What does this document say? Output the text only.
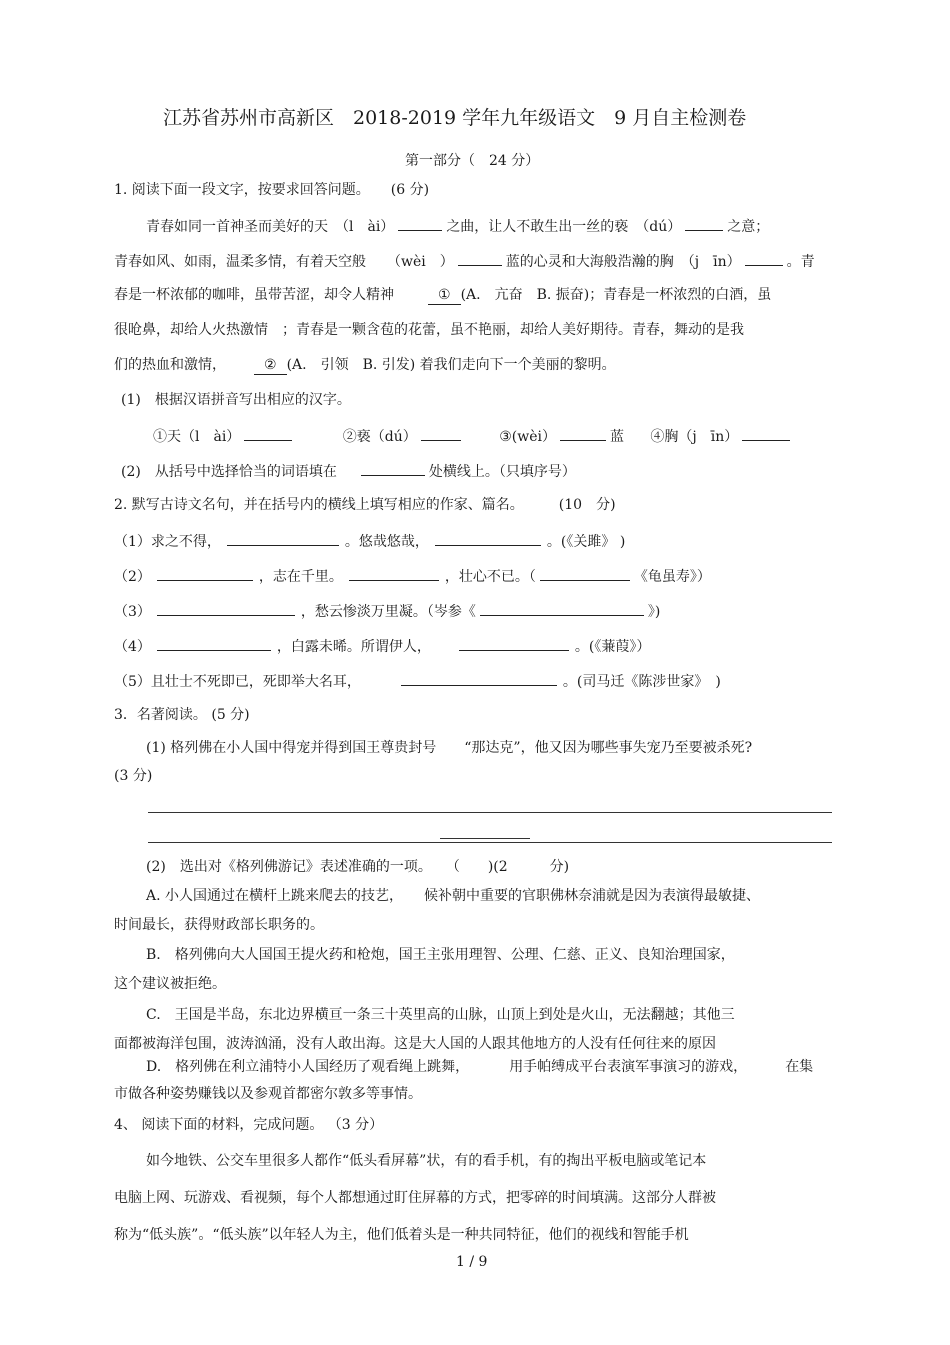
江苏省苏州市高新区　2018-2019 学年九年级语文　9 月自主检测卷
第一部分（　24 分）
1. 阅读下面一段文字，按要求回答问题。　　(6 分)
青春如同一首神圣而美好的天　（l　ài）	之曲，让人不敢生出一丝的亵　（dú）	之意；
青春如风、如雨，温柔多情，有着天空般　　（wèi　）	蓝的心灵和大海般浩瀚的胸　（j　īn）	。青
春是一杯浓郁的咖啡，虽带苦涩，却令人精神	① (A.　亢奋　B. 振奋)；青春是一杯浓烈的白酒，虽
很呛鼻，却给人火热激情　；青春是一颗含苞的花蕾，虽不艳丽，却给人美好期待。青春，舞动的是我
们的热血和激情，	② (A.　引领　B. 引发) 着我们走向下一个美丽的黎明。
(1)　根据汉语拼音写出相应的汉字。
①天（l　ài）	②亵（dú）	③(wèi）	蓝 ④胸（j　īn）
(2)　从括号中选择恰当的词语填在	处横线上。（只填序号）
2. 默写古诗文名句，并在括号内的横线上填写相应的作家、篇名。　　　(10　分)
（1）求之不得，	。悠哉悠哉，	。(《关雎》 )
（2）	，志在千里。	，壮心不已。（	《龟虽寿》）
（3）	，愁云惨淡万里凝。（岑参《	》)
（4）	，白露未晞。所谓伊人，	。(《蒹葭》）
（5）且壮士不死即已，死即举大名耳，	。(司马迁《陈涉世家》　)
3．名著阅读。 (5 分)
(1) 格列佛在小人国中得宠并得到国王尊贵封号　　“那达克”，他又因为哪些事失宠乃至要被杀死?
(3 分)
(2)　选出对《格列佛游记》表述准确的一项。　　（　　)(2　　　分)
A. 小人国通过在横杆上跳来爬去的技艺，　　候补朝中重要的官职佛林奈浦就是因为表演得最敏捷、
时间最长，获得财政部长职务的。
B.　格列佛向大人国国王提火药和枪炮，国王主张用理智、公理、仁慈、正义、良知治理国家，
这个建议被拒绝。
C.　王国是半岛，东北边界横亘一条三十英里高的山脉，山顶上到处是火山，无法翻越；其他三
面都被海洋包围，波涛汹涌，没有人敢出海。这是大人国的人跟其他地方的人没有任何往来的原因
D.　格列佛在利立浦特小人国经历了观看绳上跳舞，	用手帕缚成平台表演军事演习的游戏，	在集
市做各种姿势赚钱以及参观首都密尔敦多等事情。
4、 阅读下面的材料，完成问题。 （3 分）
如今地铁、公交车里很多人都作“低头看屏幕”状，有的看手机，有的掏出平板电脑或笔记本
电脑上网、玩游戏、看视频，每个人都想通过盯住屏幕的方式，把零碎的时间填满。这部分人群被
称为“低头族”。“低头族”以年轻人为主，他们低着头是一种共同特征，他们的视线和智能手机
1 / 9
